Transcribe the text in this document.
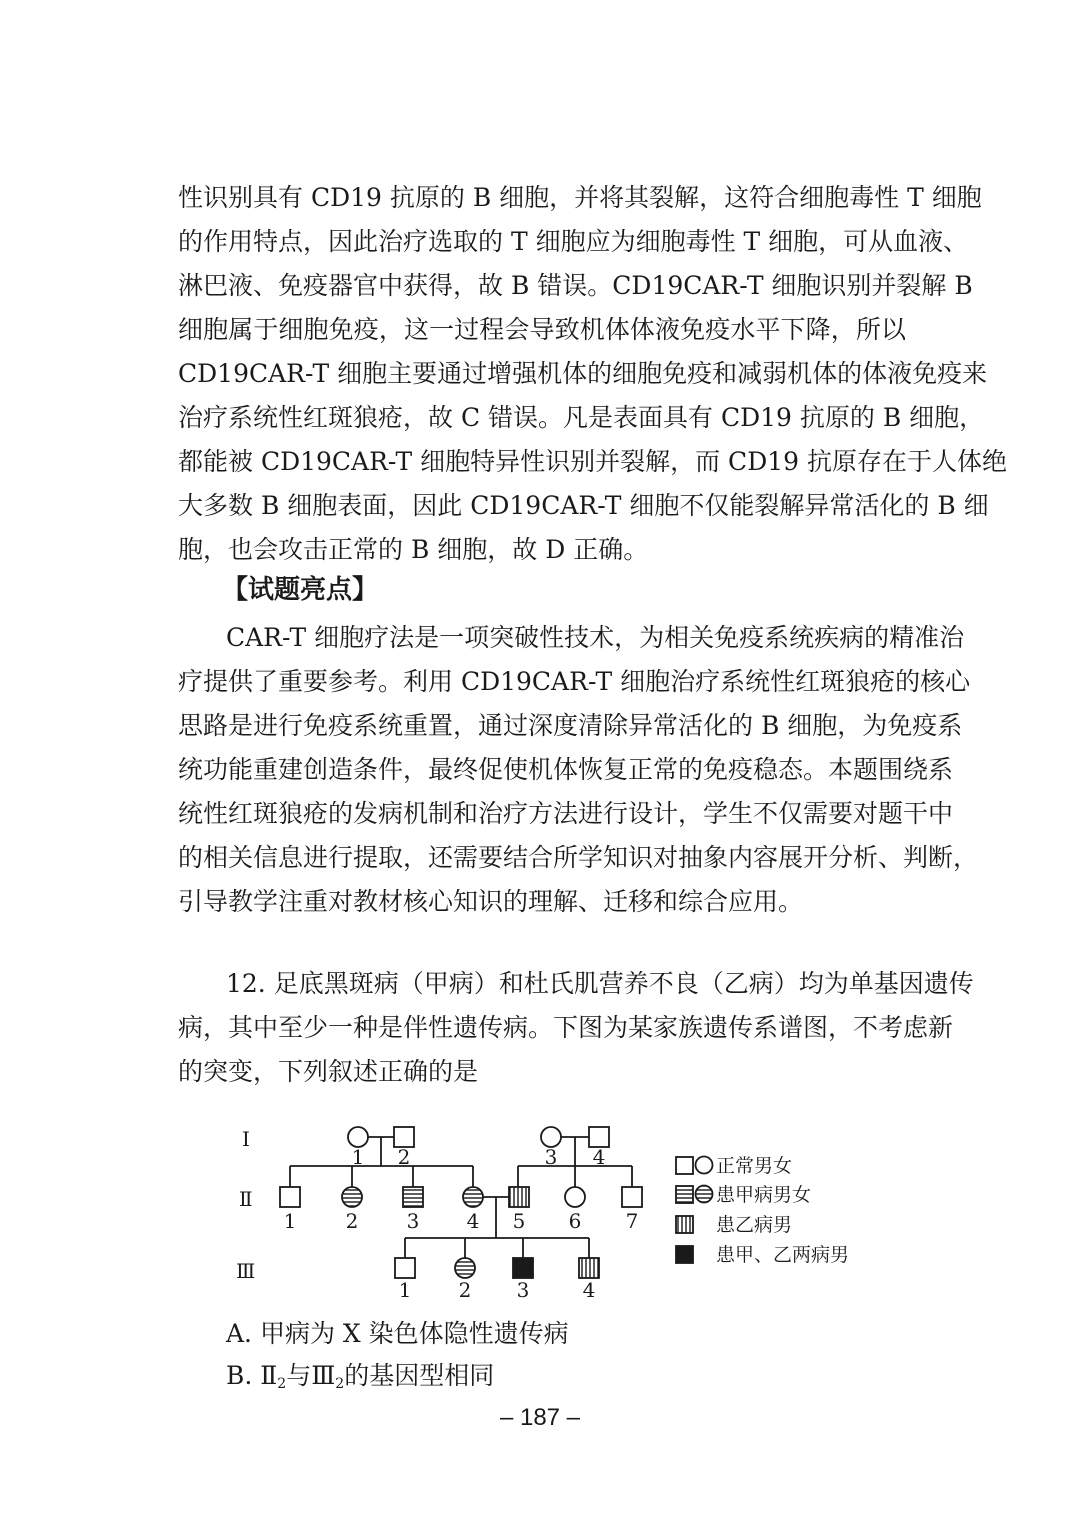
性识别具有 CD19 抗原的 B 细胞，并将其裂解，这符合细胞毒性 T 细胞
的作用特点，因此治疗选取的 T 细胞应为细胞毒性 T 细胞，可从血液、
淋巴液、免疫器官中获得，故 B 错误。CD19CAR-T 细胞识别并裂解 B
细胞属于细胞免疫，这一过程会导致机体体液免疫水平下降，所以
CD19CAR-T 细胞主要通过增强机体的细胞免疫和减弱机体的体液免疫来
治疗系统性红斑狼疮，故 C 错误。凡是表面具有 CD19 抗原的 B 细胞，
都能被 CD19CAR-T 细胞特异性识别并裂解，而 CD19 抗原存在于人体绝
大多数 B 细胞表面，因此 CD19CAR-T 细胞不仅能裂解异常活化的 B 细
胞，也会攻击正常的 B 细胞，故 D 正确。
【试题亮点】
CAR-T 细胞疗法是一项突破性技术，为相关免疫系统疾病的精准治
疗提供了重要参考。利用 CD19CAR-T 细胞治疗系统性红斑狼疮的核心
思路是进行免疫系统重置，通过深度清除异常活化的 B 细胞，为免疫系
统功能重建创造条件，最终促使机体恢复正常的免疫稳态。本题围绕系
统性红斑狼疮的发病机制和治疗方法进行设计，学生不仅需要对题干中
的相关信息进行提取，还需要结合所学知识对抽象内容展开分析、判断，
引导教学注重对教材核心知识的理解、迁移和综合应用。
12. 足底黑斑病（甲病）和杜氏肌营养不良（乙病）均为单基因遗传
病，其中至少一种是伴性遗传病。下图为某家族遗传系谱图，不考虑新
的突变，下列叙述正确的是
Ⅰ
Ⅱ
Ⅲ
1 2	3 4
1 2 3 4 5 6 7
1 2 3	4
正常男女
患甲病男女
患乙病男
患甲、乙两病男
A. 甲病为 X 染色体隐性遗传病
B. $Ⅱ_2$与$Ⅲ_2$的基因型相同
– 187 –
